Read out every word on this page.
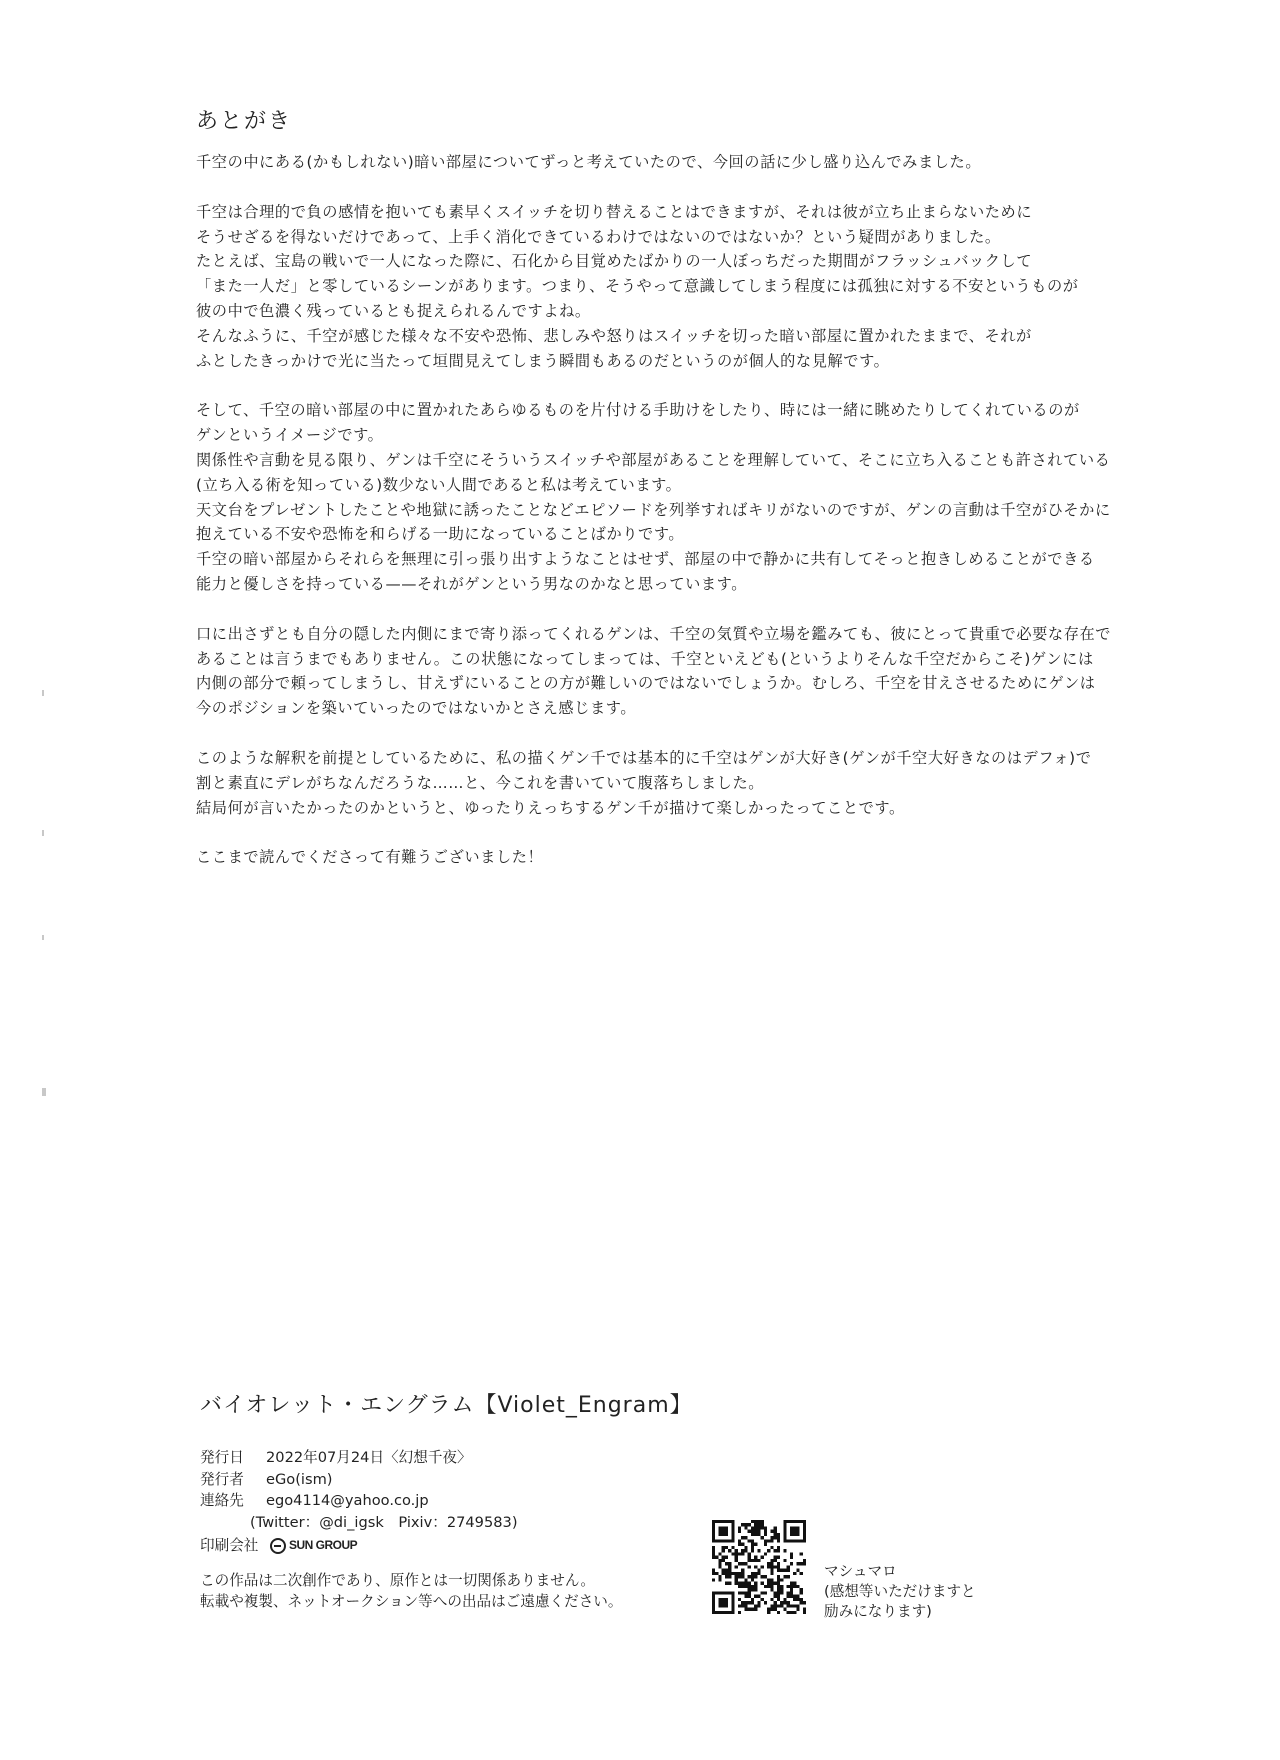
あとがき
千空の中にある(かもしれない)暗い部屋についてずっと考えていたので、今回の話に少し盛り込んでみました。
千空は合理的で負の感情を抱いても素早くスイッチを切り替えることはできますが、それは彼が立ち止まらないために
そうせざるを得ないだけであって、上手く消化できているわけではないのではないか？という疑問がありました。
たとえば、宝島の戦いで一人になった際に、石化から目覚めたばかりの一人ぼっちだった期間がフラッシュバックして
「また一人だ」と零しているシーンがあります。つまり、そうやって意識してしまう程度には孤独に対する不安というものが
彼の中で色濃く残っているとも捉えられるんですよね。
そんなふうに、千空が感じた様々な不安や恐怖、悲しみや怒りはスイッチを切った暗い部屋に置かれたままで、それが
ふとしたきっかけで光に当たって垣間見えてしまう瞬間もあるのだというのが個人的な見解です。
そして、千空の暗い部屋の中に置かれたあらゆるものを片付ける手助けをしたり、時には一緒に眺めたりしてくれているのが
ゲンというイメージです。
関係性や言動を見る限り、ゲンは千空にそういうスイッチや部屋があることを理解していて、そこに立ち入ることも許されている
(立ち入る術を知っている)数少ない人間であると私は考えています。
天文台をプレゼントしたことや地獄に誘ったことなどエピソードを列挙すればキリがないのですが、ゲンの言動は千空がひそかに
抱えている不安や恐怖を和らげる一助になっていることばかりです。
千空の暗い部屋からそれらを無理に引っ張り出すようなことはせず、部屋の中で静かに共有してそっと抱きしめることができる
能力と優しさを持っている——それがゲンという男なのかなと思っています。
口に出さずとも自分の隠した内側にまで寄り添ってくれるゲンは、千空の気質や立場を鑑みても、彼にとって貴重で必要な存在で
あることは言うまでもありません。この状態になってしまっては、千空といえども(というよりそんな千空だからこそ)ゲンには
内側の部分で頼ってしまうし、甘えずにいることの方が難しいのではないでしょうか。むしろ、千空を甘えさせるためにゲンは
今のポジションを築いていったのではないかとさえ感じます。
このような解釈を前提としているために、私の描くゲン千では基本的に千空はゲンが大好き(ゲンが千空大好きなのはデフォ)で
割と素直にデレがちなんだろうな……と、今これを書いていて腹落ちしました。
結局何が言いたかったのかというと、ゆったりえっちするゲン千が描けて楽しかったってことです。
ここまで読んでくださって有難うございました！
バイオレット・エングラム【Violet_Engram】
発行日	2022年07月24日〈幻想千夜〉
発行者	eGo(ism)
連絡先	ego4114@yahoo.co.jp
(Twitter：@di_igsk　Pixiv：2749583)
印刷会社	SUN GROUP
この作品は二次創作であり、原作とは一切関係ありません。
転載や複製、ネットオークション等への出品はご遠慮ください。
マシュマロ
(感想等いただけますと
励みになります)
